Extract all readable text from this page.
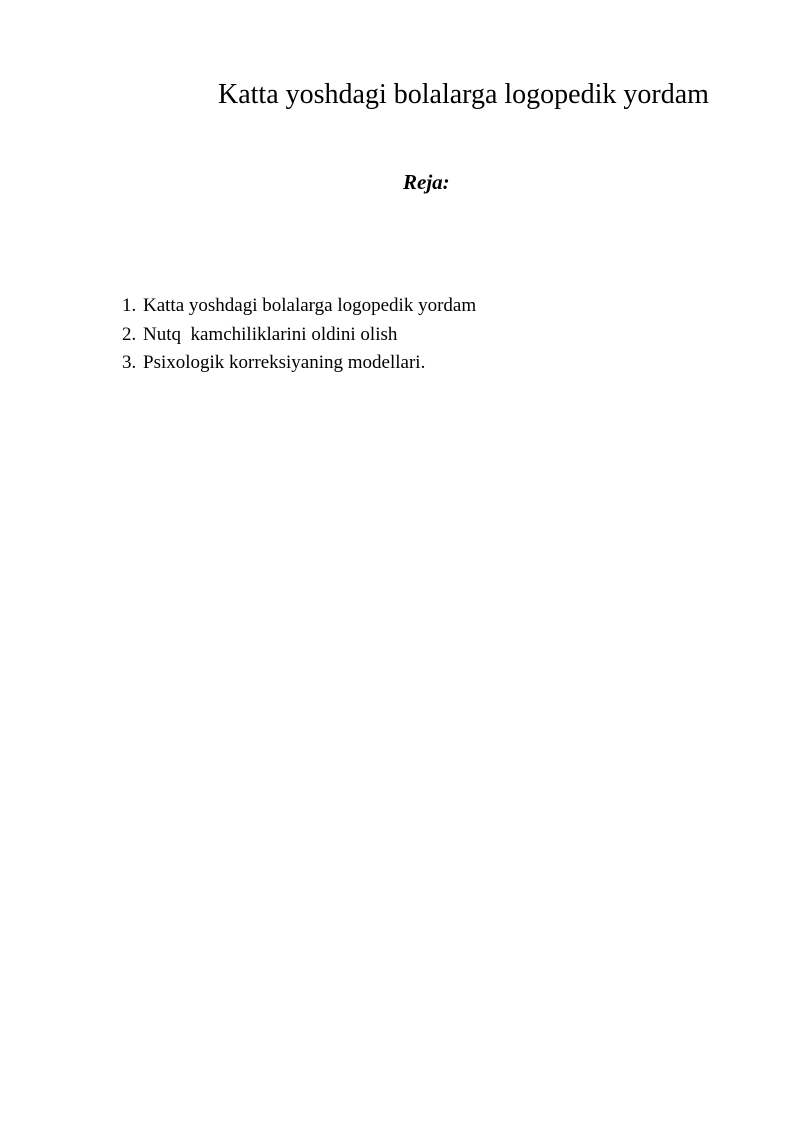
Katta yoshdagi bolalarga logopedik yordam
Reja:
1. Katta yoshdagi bolalarga logopedik yordam
2. Nutq  kamchiliklarini oldini olish
3. Psixologik korreksiyaning modellari.
